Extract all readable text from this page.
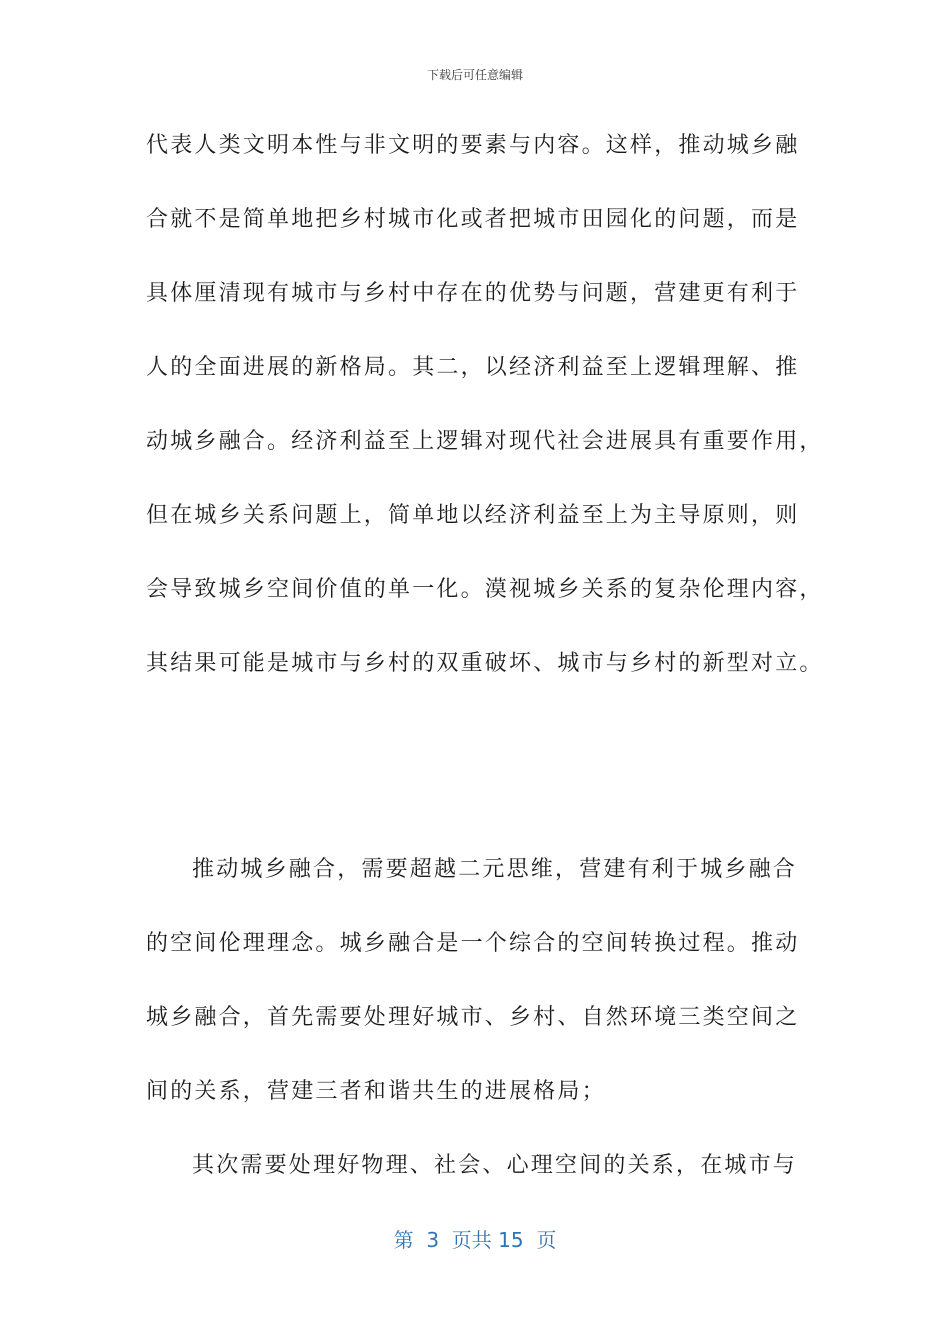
下载后可任意编辑
代表人类文明本性与非文明的要素与内容。这样，推动城乡融
合就不是简单地把乡村城市化或者把城市田园化的问题，而是
具体厘清现有城市与乡村中存在的优势与问题，营建更有利于
人的全面进展的新格局。其二，以经济利益至上逻辑理解、推
动城乡融合。经济利益至上逻辑对现代社会进展具有重要作用，
但在城乡关系问题上，简单地以经济利益至上为主导原则，则
会导致城乡空间价值的单一化。漠视城乡关系的复杂伦理内容，
其结果可能是城市与乡村的双重破坏、城市与乡村的新型对立。
推动城乡融合，需要超越二元思维，营建有利于城乡融合
的空间伦理理念。城乡融合是一个综合的空间转换过程。推动
城乡融合，首先需要处理好城市、乡村、自然环境三类空间之
间的关系，营建三者和谐共生的进展格局；
其次需要处理好物理、社会、心理空间的关系，在城市与
第  3  页共 15  页
